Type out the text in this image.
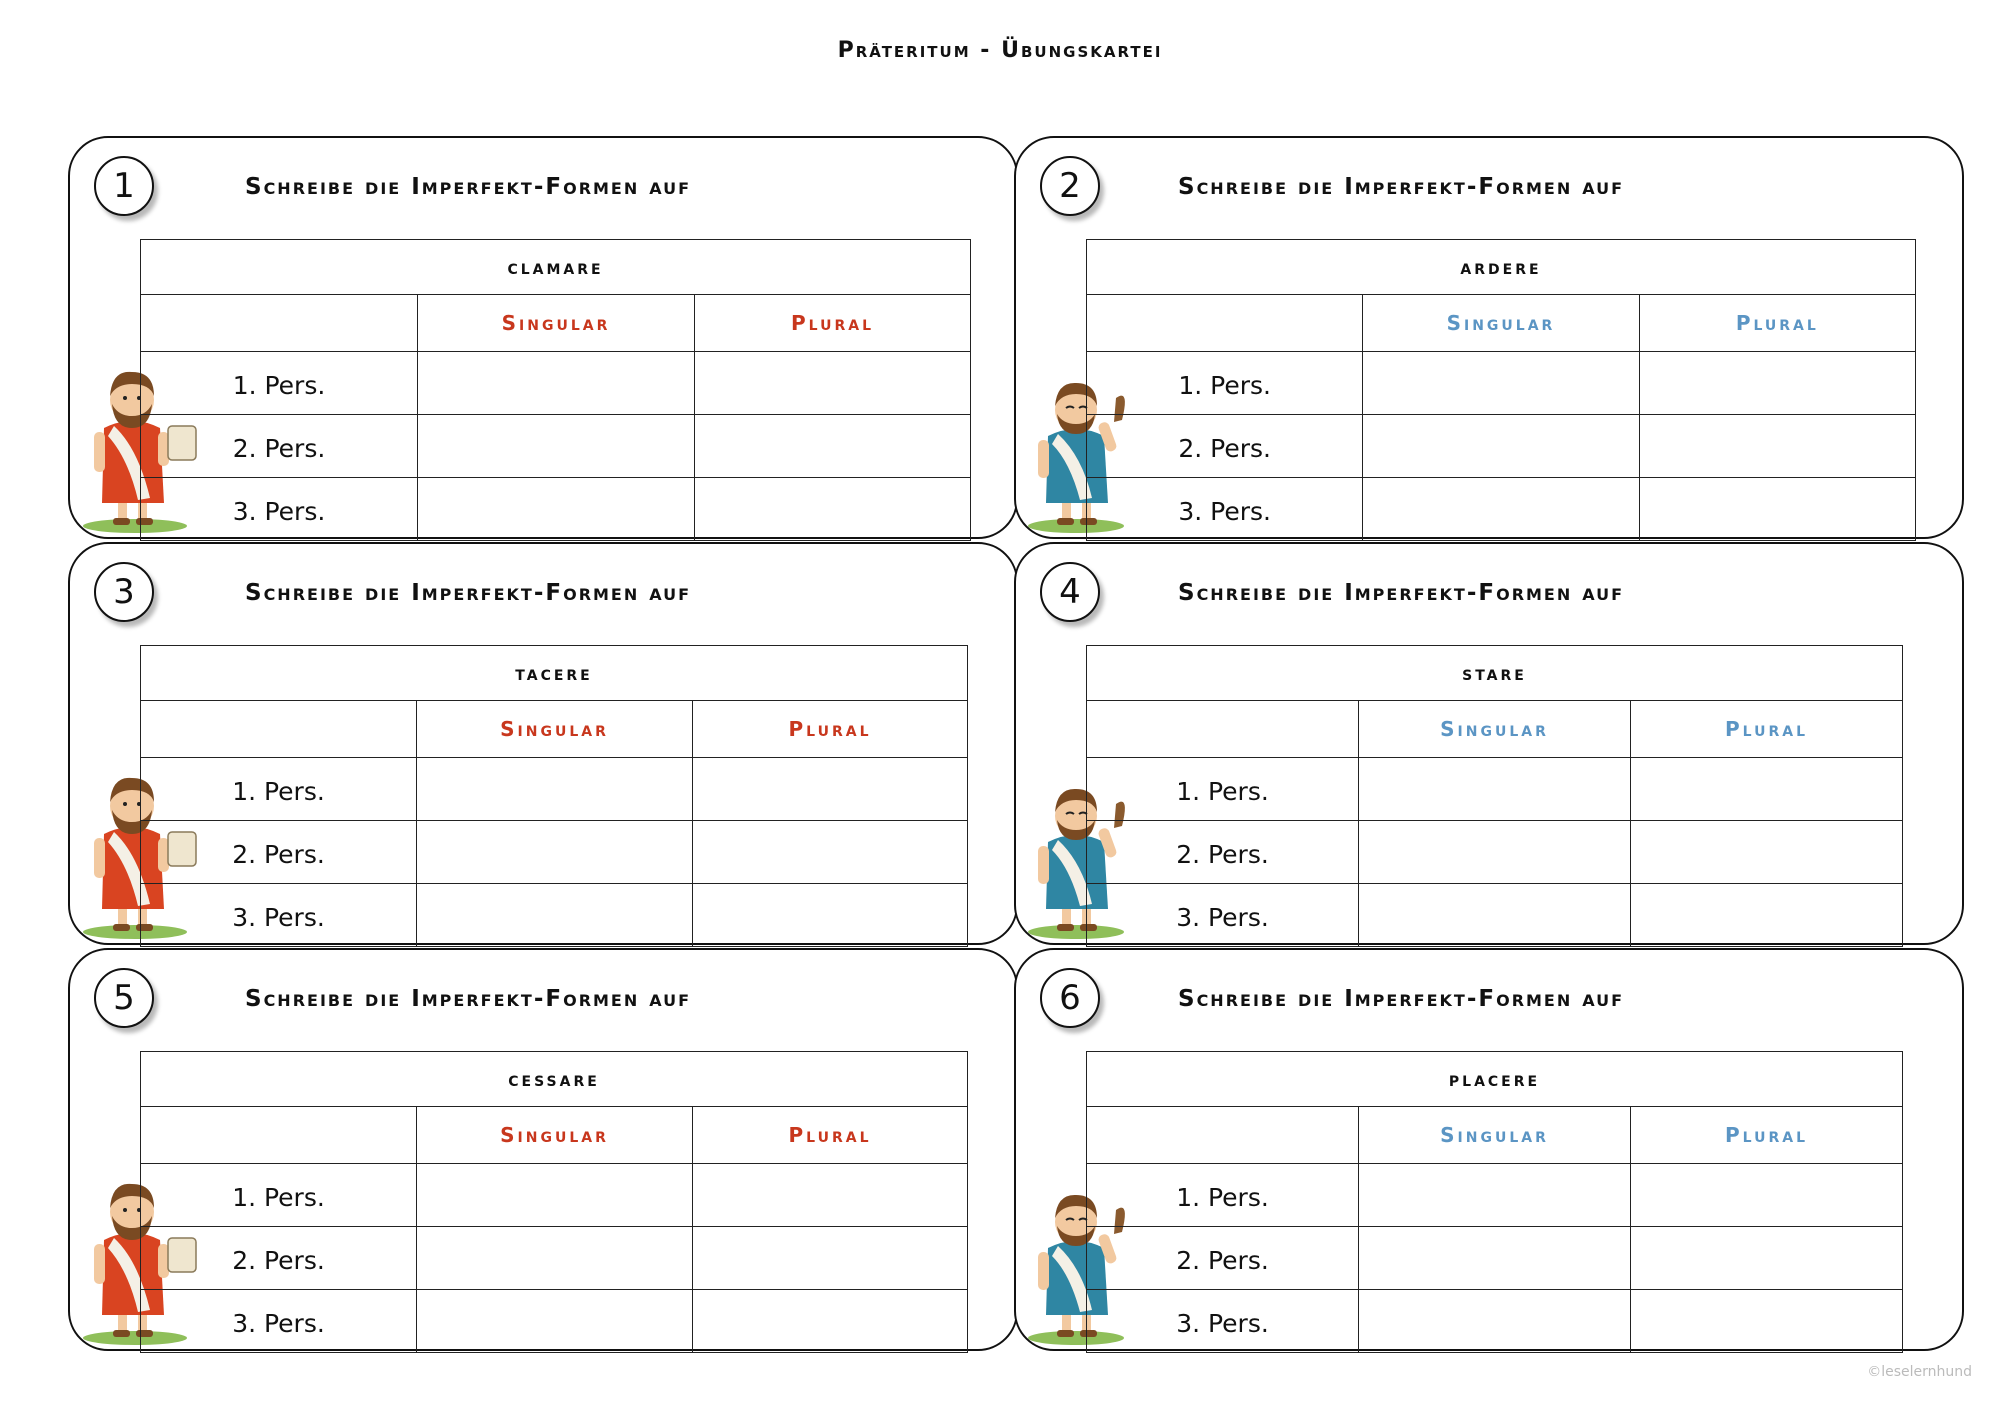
Präteritum - Übungskartei
1	Schreibe die Imperfekt-Formen auf
clamare		
	Singular	Plural
1. Pers.		
2. Pers.		
3. Pers.		
2	Schreibe die Imperfekt-Formen auf
ardere		
	Singular	Plural
1. Pers.		
2. Pers.		
3. Pers.		
3	Schreibe die Imperfekt-Formen auf
tacere		
	Singular	Plural
1. Pers.		
2. Pers.		
3. Pers.		
4	Schreibe die Imperfekt-Formen auf
stare		
	Singular	Plural
1. Pers.		
2. Pers.		
3. Pers.		
5	Schreibe die Imperfekt-Formen auf
cessare		
	Singular	Plural
1. Pers.		
2. Pers.		
3. Pers.		
6	Schreibe die Imperfekt-Formen auf
placere		
	Singular	Plural
1. Pers.		
2. Pers.		
3. Pers.		
©leselernhund
